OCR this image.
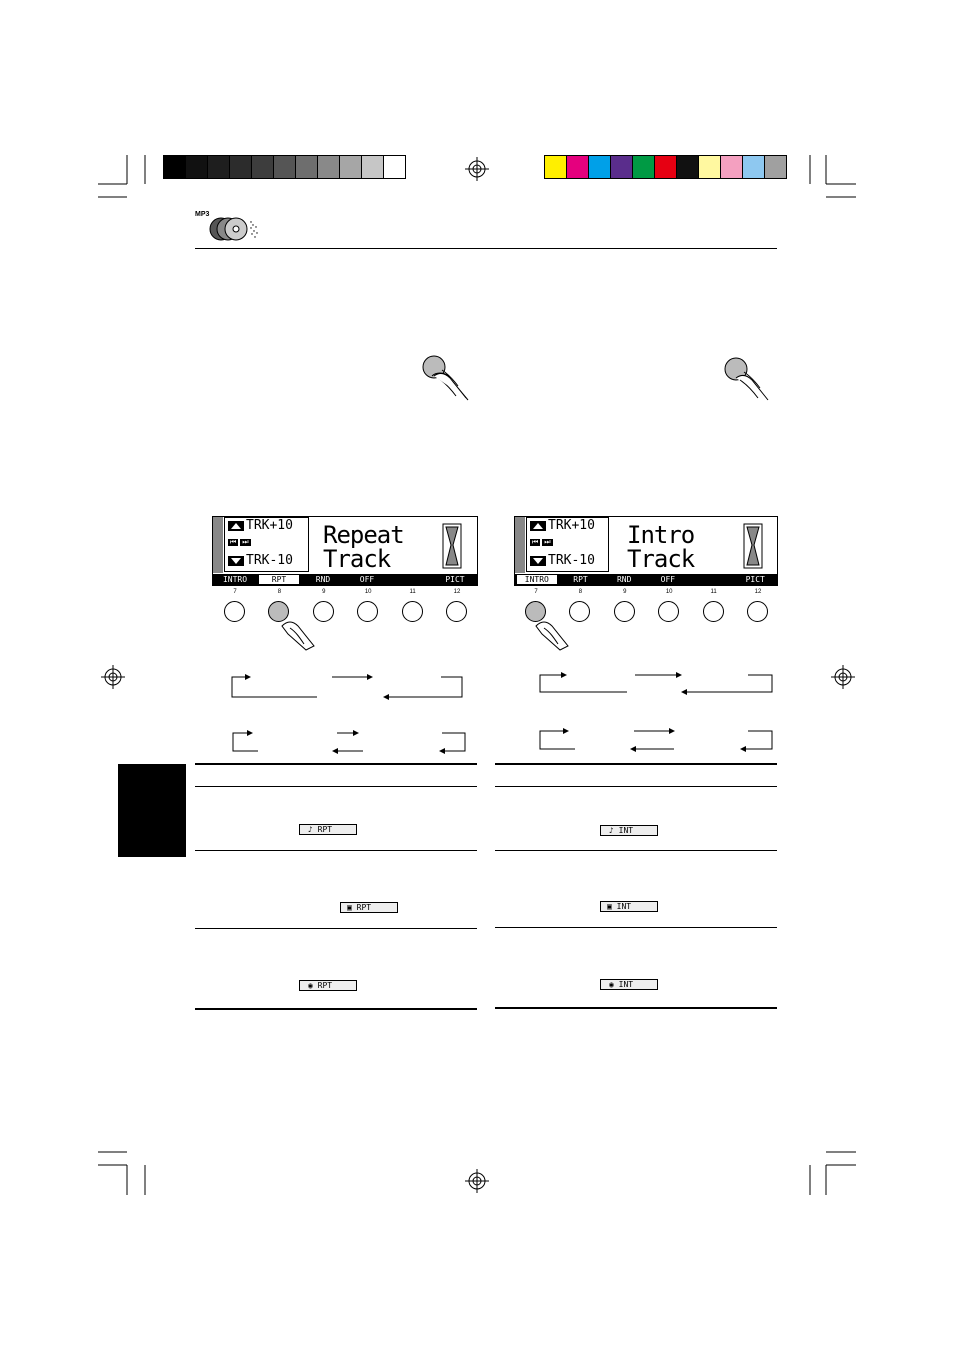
MP3
TRK+10
⏮ ⏭
TRK-10
Repeat
Track
INTRO	RPT	RND	OFF	PICT
7	8	9	10	11	12
TRK+10
⏮ ⏭
TRK-10
Intro
Track
INTRO	RPT	RND	OFF	PICT
7	8	9	10	11	12
♪ RPT
▣ RPT
◉ RPT
♪ INT
▣ INT
◉ INT
